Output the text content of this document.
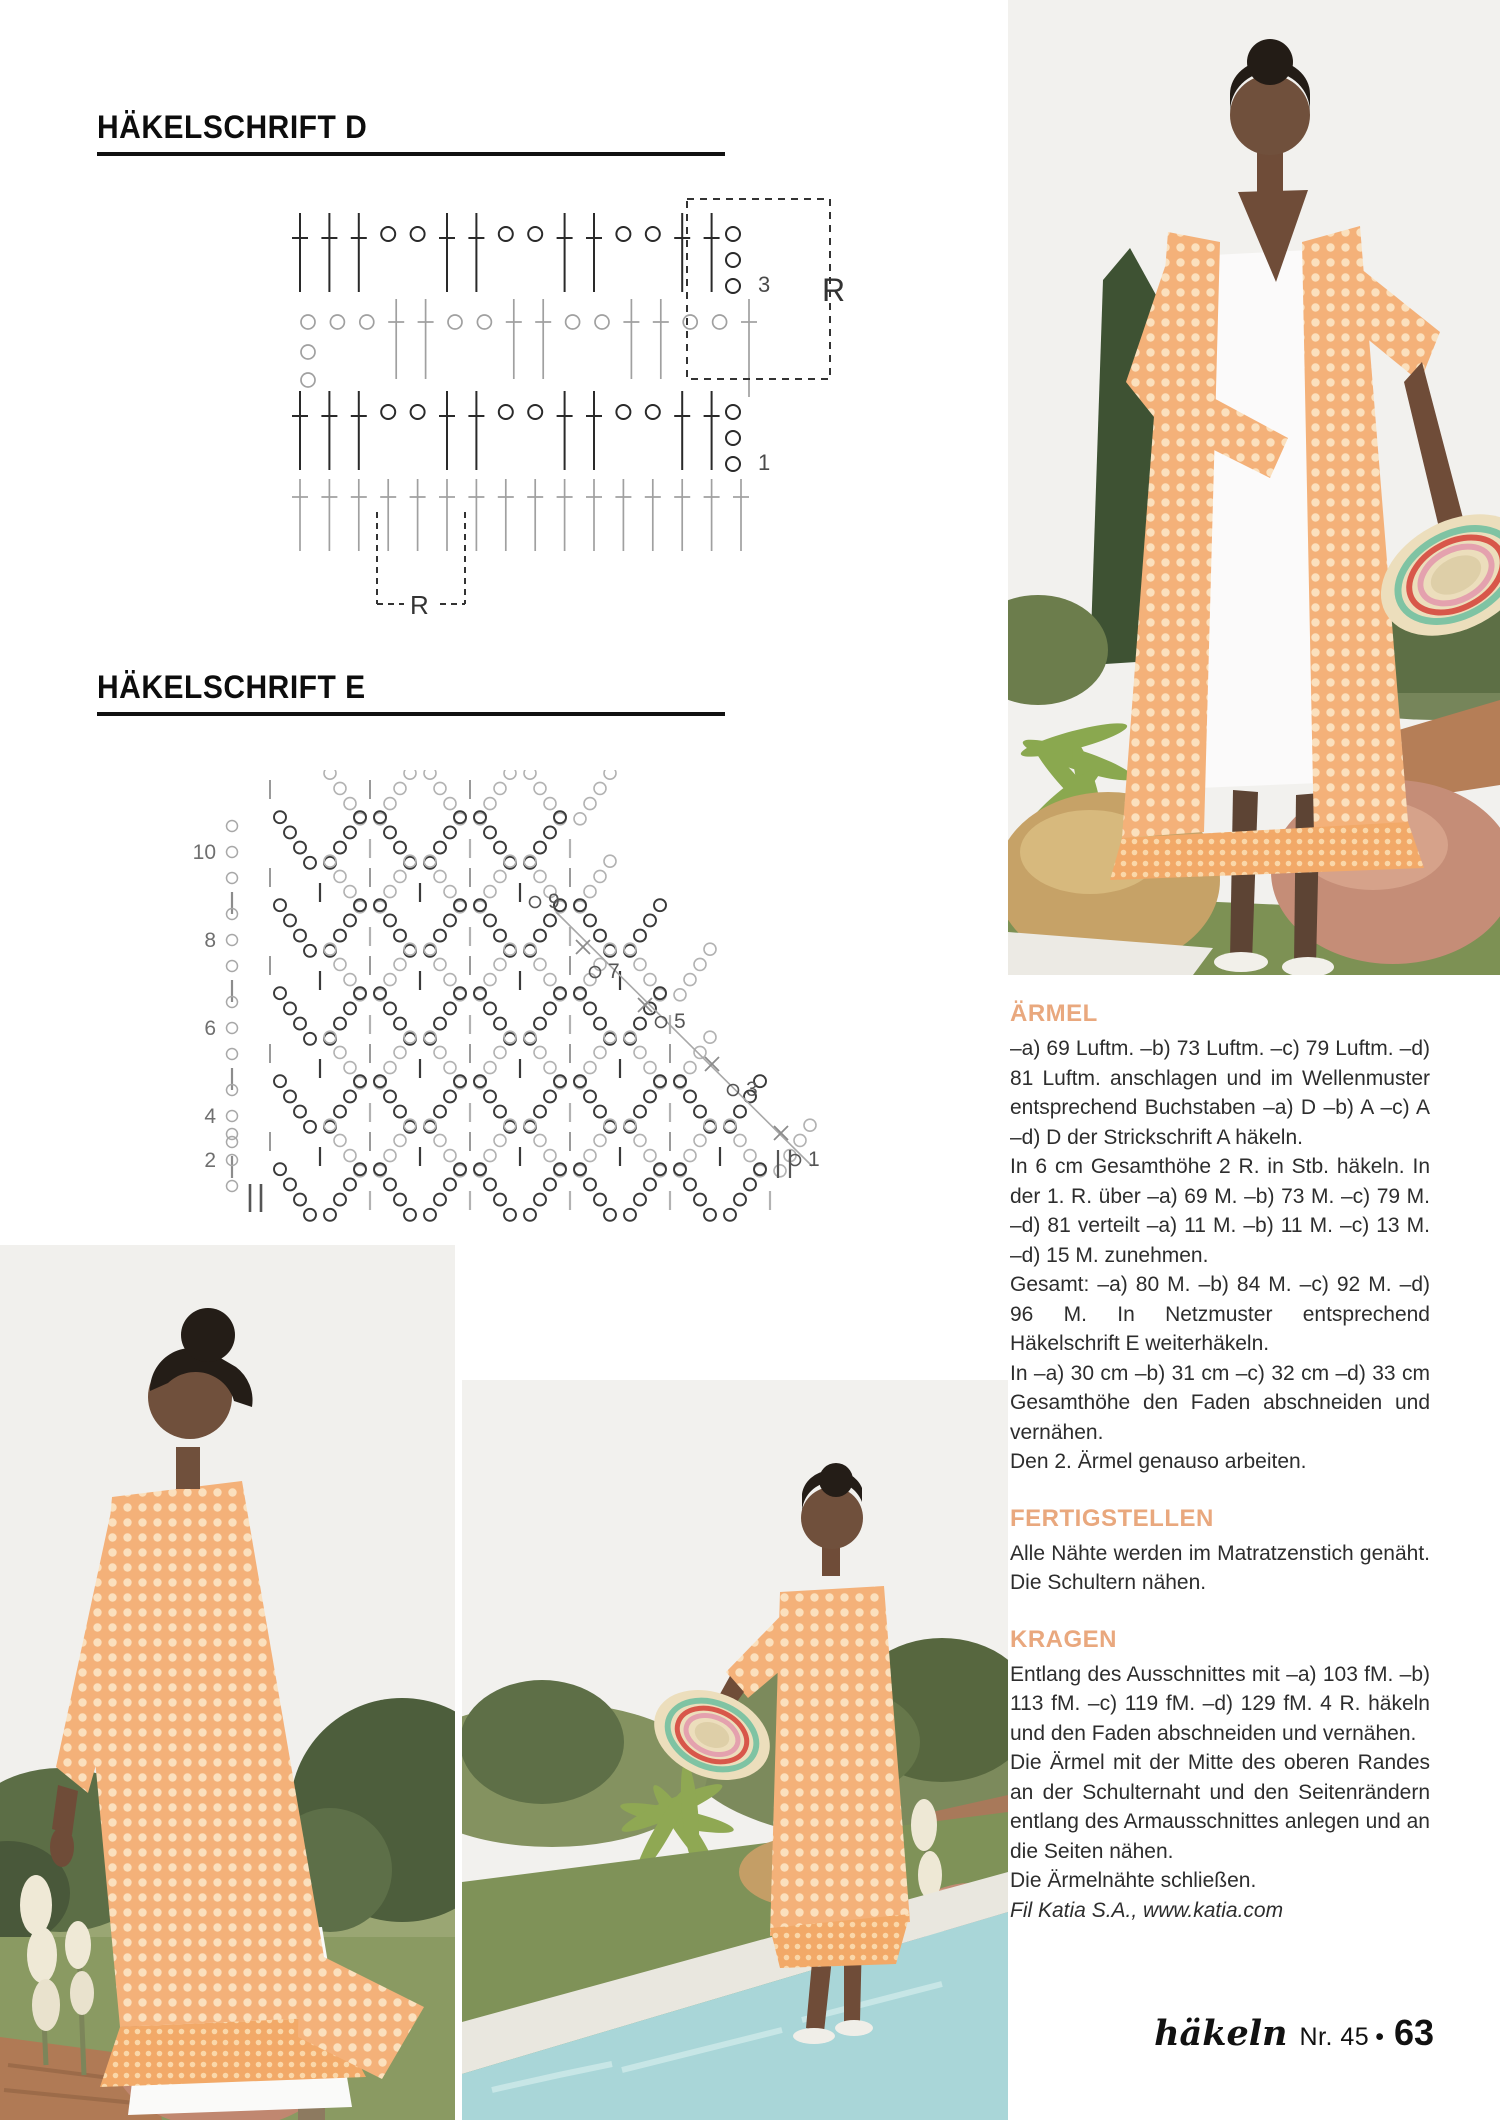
HÄKELSCHRIFT D
3
1
R
R
HÄKELSCHRIFT E
10
8
6
4
2
9
7
5
3
1
ÄRMEL

–a) 69 Luftm. –b) 73 Luftm. –c) 79 Luftm. –d) 81 Luftm. anschlagen und im Wellenmuster entsprechend Buchstaben –a) D –b) A –c) A –d) D der Strickschrift A häkeln.

In 6 cm Gesamthöhe 2 R. in Stb. häkeln. In der 1. R. über –a) 69 M. –b) 73 M. –c) 79 M. –d) 81 verteilt –a) 11 M. –b) 11 M. –c) 13 M. –d) 15 M. zunehmen.

Gesamt: –a) 80 M. –b) 84 M. –c) 92 M. –d) 96 M. In Netzmuster entsprechend Häkelschrift E weiterhäkeln.

In –a) 30 cm –b) 31 cm –c) 32 cm –d) 33 cm Gesamthöhe den Faden abschneiden und vernähen.

Den 2. Ärmel genauso arbeiten.

FERTIGSTELLEN

Alle Nähte werden im Matratzenstich genäht. Die Schultern nähen.

KRAGEN

Entlang des Ausschnittes mit –a) 103 fM. –b) 113 fM. –c) 119 fM. –d) 129 fM. 4 R. häkeln und den Faden abschneiden und vernähen.

Die Ärmel mit der Mitte des oberen Randes an der Schulternaht und den Seitenrändern entlang des Armausschnittes anlegen und an die Seiten nähen.

Die Ärmelnähte schließen.

Fil Katia S.A., www.katia.com

häkeln Nr. 45 • 63
